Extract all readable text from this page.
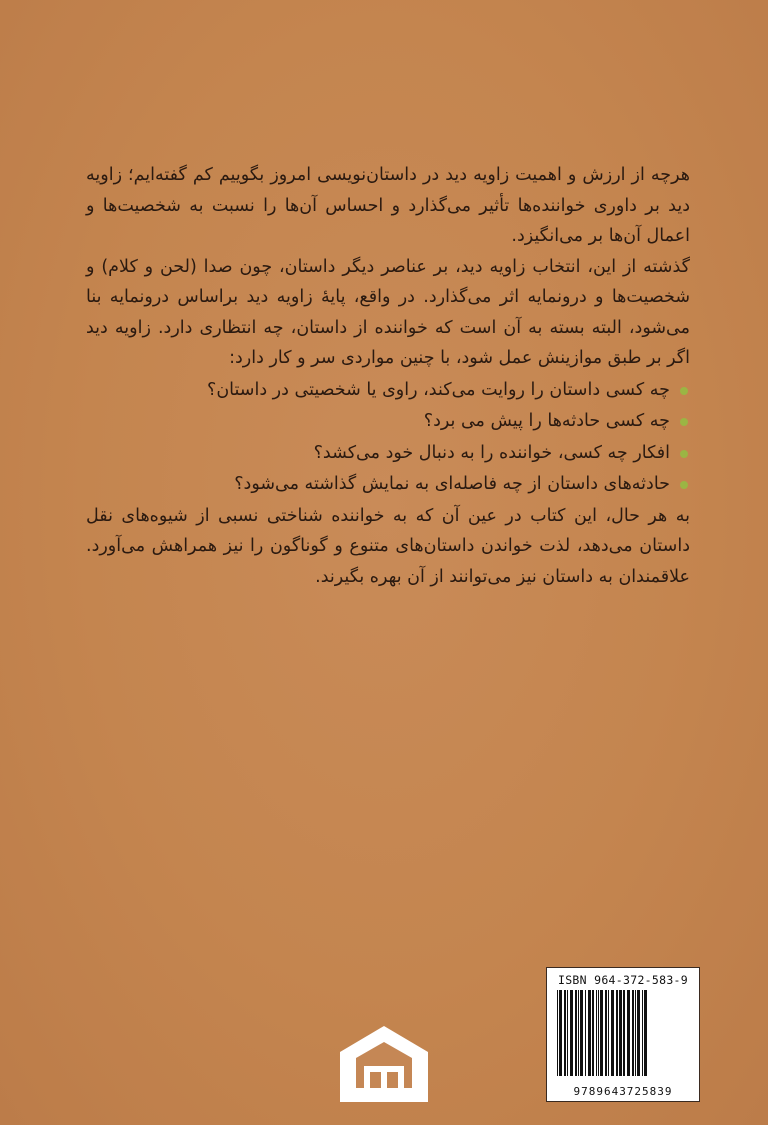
هرچه از ارزش و اهمیت زاویه دید در داستان‌نویسی امروز بگوییم کم گفته‌ایم؛ زاویه دید بر داوری خواننده‌ها تأثیر می‌گذارد و احساس آن‌ها را نسبت به شخصیت‌ها و اعمال آن‌ها بر می‌انگیزد.

گذشته از این، انتخاب زاویه دید، بر عناصر دیگر داستان، چون صدا (لحن و کلام) و شخصیت‌ها و درونمایه اثر می‌گذارد. در واقع، پایهٔ زاویه دید براساس درونمایه بنا می‌شود، البته بسته به آن است که خواننده از داستان، چه انتظاری دارد. زاویه دید اگر بر طبق موازینش عمل شود، با چنین مواردی سر و کار دارد:

چه کسی داستان را روایت می‌کند، راوی یا شخصیتی در داستان؟
چه کسی حادثه‌ها را پیش می برد؟
افکار چه کسی، خواننده را به دنبال خود می‌کشد؟
حادثه‌های داستان از چه فاصله‌ای به نمایش گذاشته می‌شود؟

به هر حال، این کتاب در عین آن که به خواننده شناختی نسبی از شیوه‌های نقل داستان می‌دهد، لذت خواندن داستان‌های متنوع و گوناگون را نیز همراهش می‌آورد. علاقمندان به داستان نیز می‌توانند از آن بهره بگیرند.

ISBN 964-372-583-9
9789643725839
